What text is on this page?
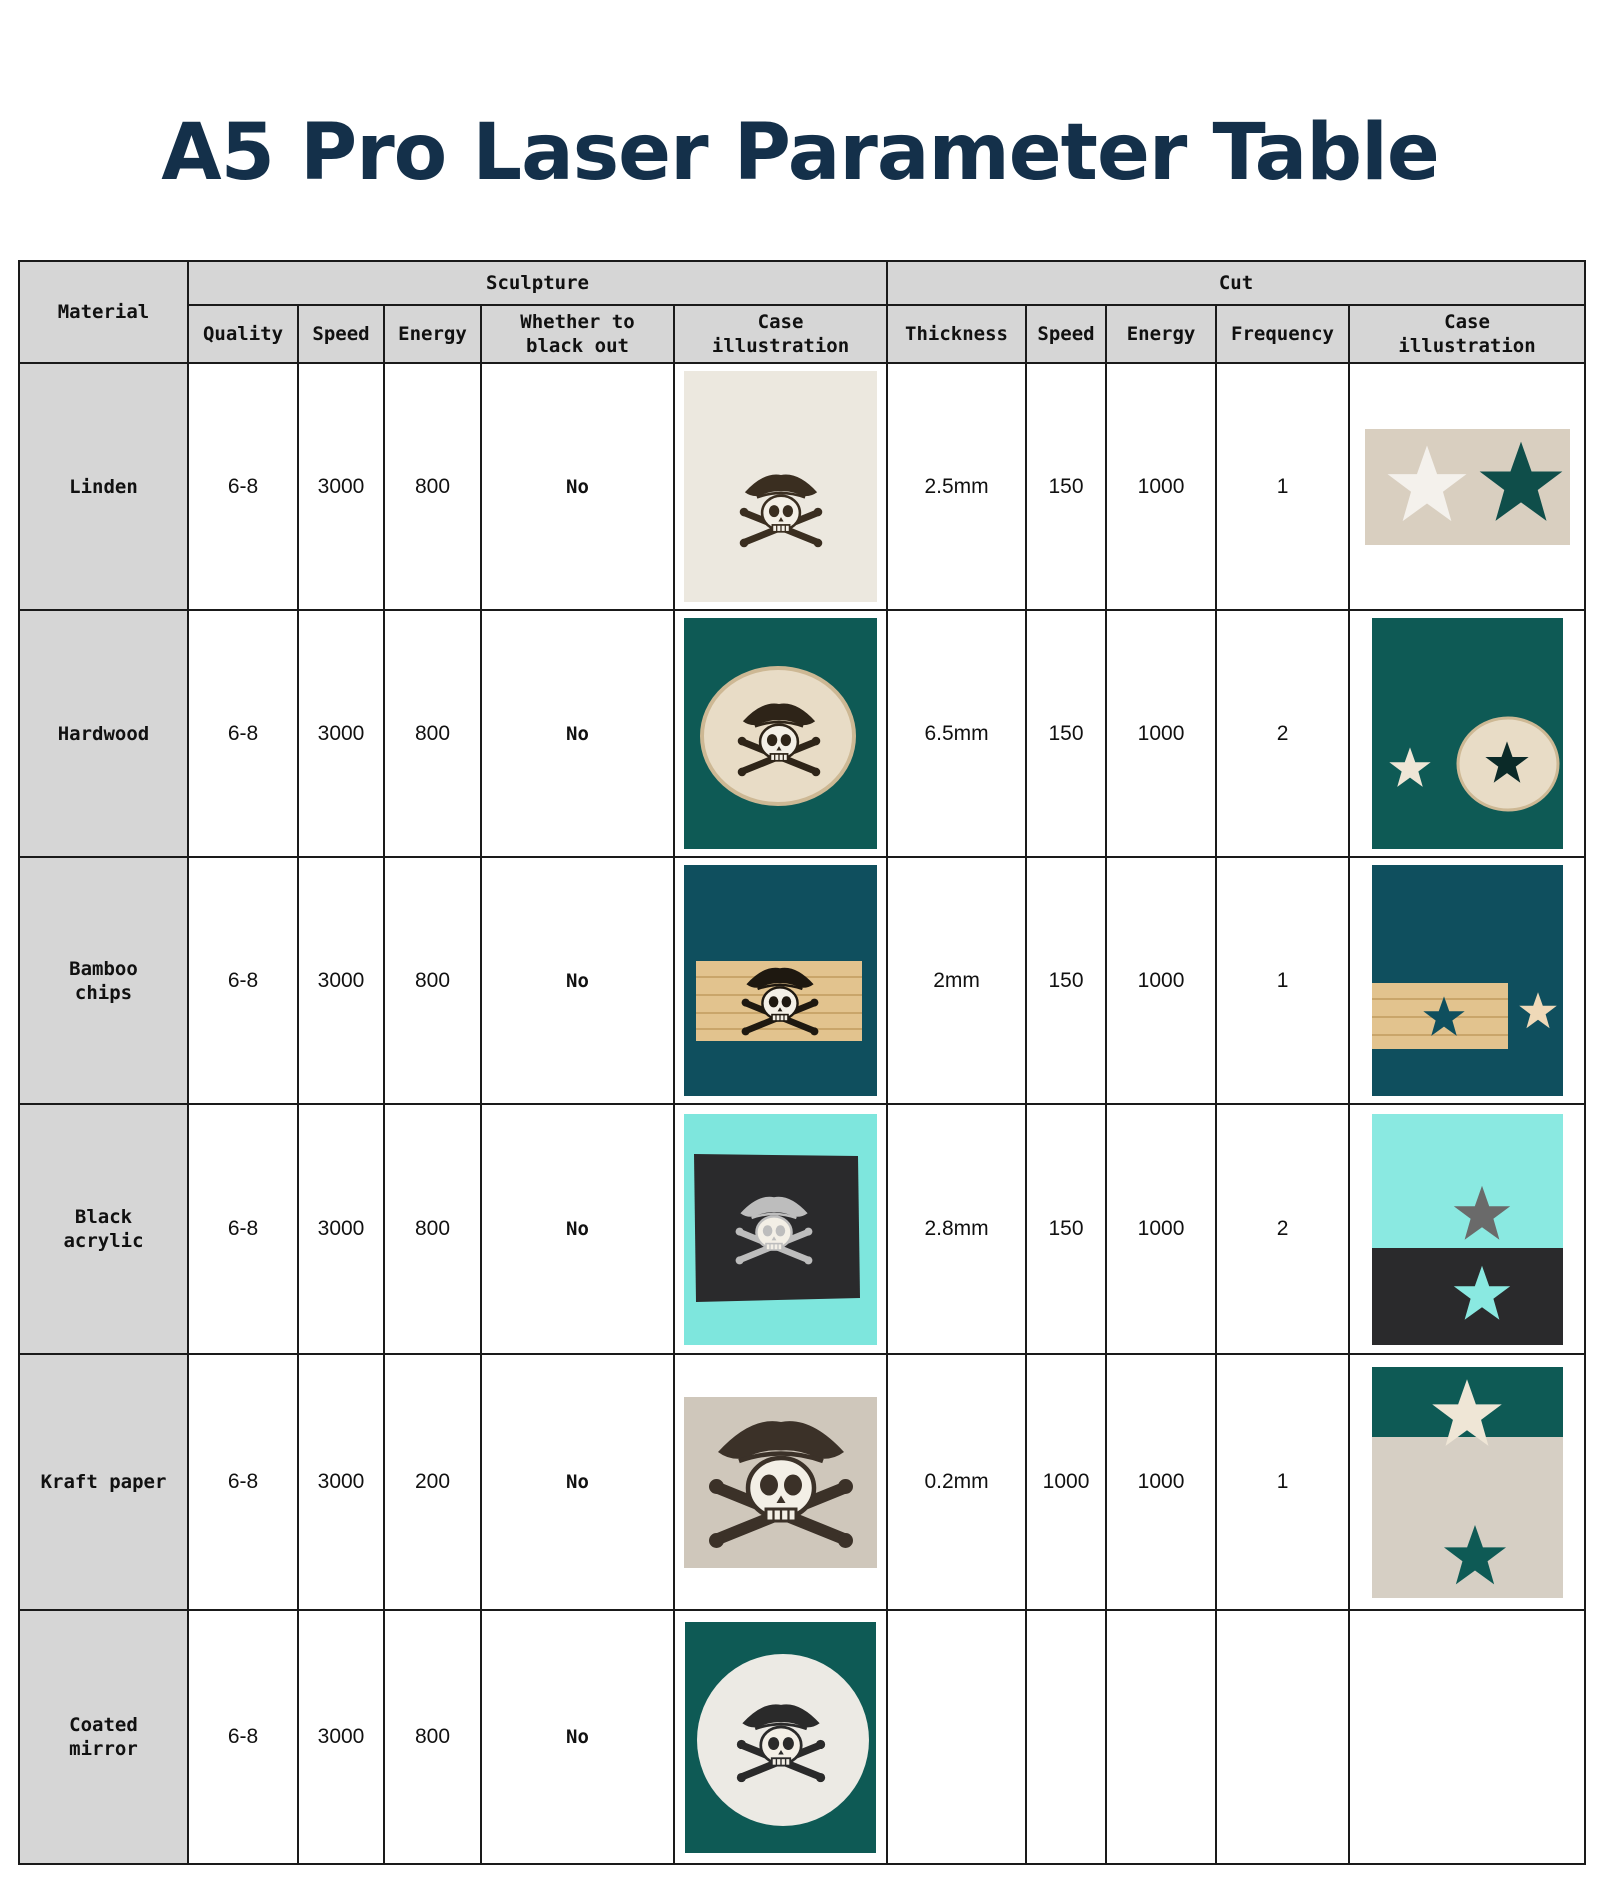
A5 Pro Laser Parameter Table
Material	Sculpture					Cut				
	Quality	Speed	Energy	Whether to black out	Case illustration	Thickness	Speed	Energy	Frequency	Case illustration
Linden	6-8	3000	800	No		2.5mm	150	1000	1	

Hardwood	6-8	3000	800	No		6.5mm	150	1000	2	

Bamboo chips	6-8	3000	800	No		2mm	150	1000	1	

Black acrylic	6-8	3000	800	No		2.8mm	150	1000	2	

Kraft paper	6-8	3000	200	No		0.2mm	1000	1000	1	

Coated mirror	6-8	3000	800	No	
